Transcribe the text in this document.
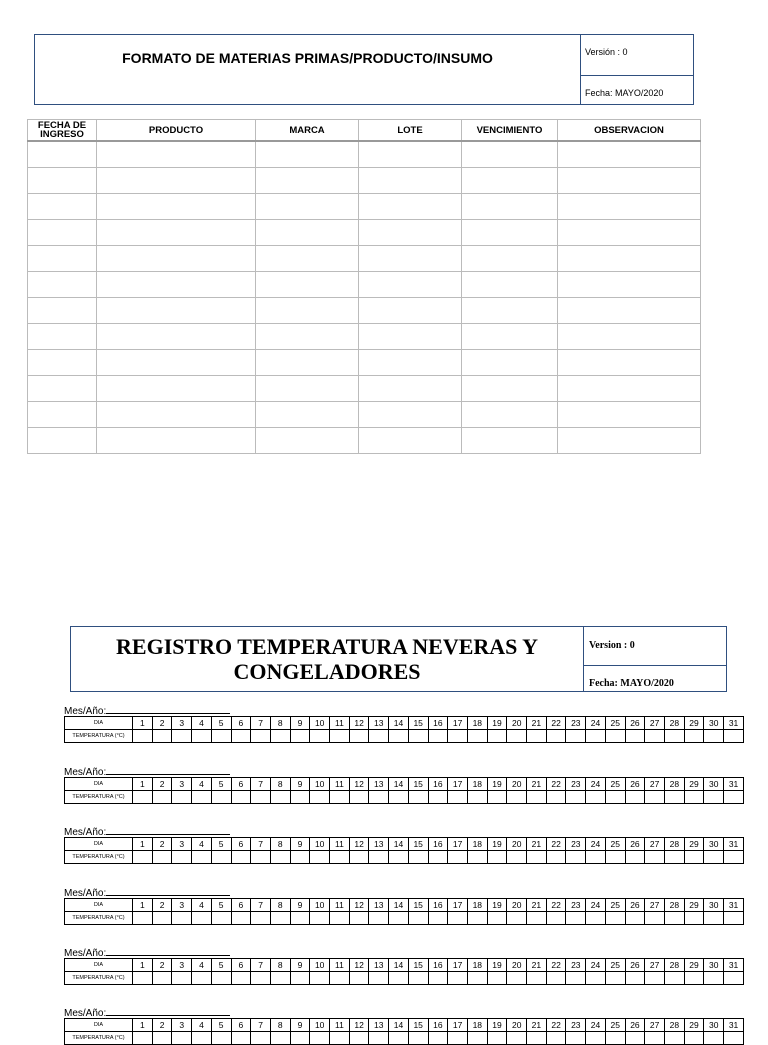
FORMATO DE MATERIAS PRIMAS/PRODUCTO/INSUMO	Versión : 0
Fecha: MAYO/2020
FECHA DE INGRESO	PRODUCTO	MARCA	LOTE	VENCIMIENTO	OBSERVACION

REGISTRO TEMPERATURA NEVERAS Y
CONGELADORES
Version : 0
Fecha: MAYO/2020
Mes/Año:
DIA	1	2	3	4	5	6	7	8	9	10	11	12	13	14	15	16	17	18	19	20	21	22	23	24	25	26	27	28	29	30	31
TEMPERATURA (°C)																															
Mes/Año:
DIA	1	2	3	4	5	6	7	8	9	10	11	12	13	14	15	16	17	18	19	20	21	22	23	24	25	26	27	28	29	30	31
TEMPERATURA (°C)																															
Mes/Año:
DIA	1	2	3	4	5	6	7	8	9	10	11	12	13	14	15	16	17	18	19	20	21	22	23	24	25	26	27	28	29	30	31
TEMPERATURA (°C)																															
Mes/Año:
DIA	1	2	3	4	5	6	7	8	9	10	11	12	13	14	15	16	17	18	19	20	21	22	23	24	25	26	27	28	29	30	31
TEMPERATURA (°C)																															
Mes/Año:
DIA	1	2	3	4	5	6	7	8	9	10	11	12	13	14	15	16	17	18	19	20	21	22	23	24	25	26	27	28	29	30	31
TEMPERATURA (°C)																															
Mes/Año:
DIA	1	2	3	4	5	6	7	8	9	10	11	12	13	14	15	16	17	18	19	20	21	22	23	24	25	26	27	28	29	30	31
TEMPERATURA (°C)																															
